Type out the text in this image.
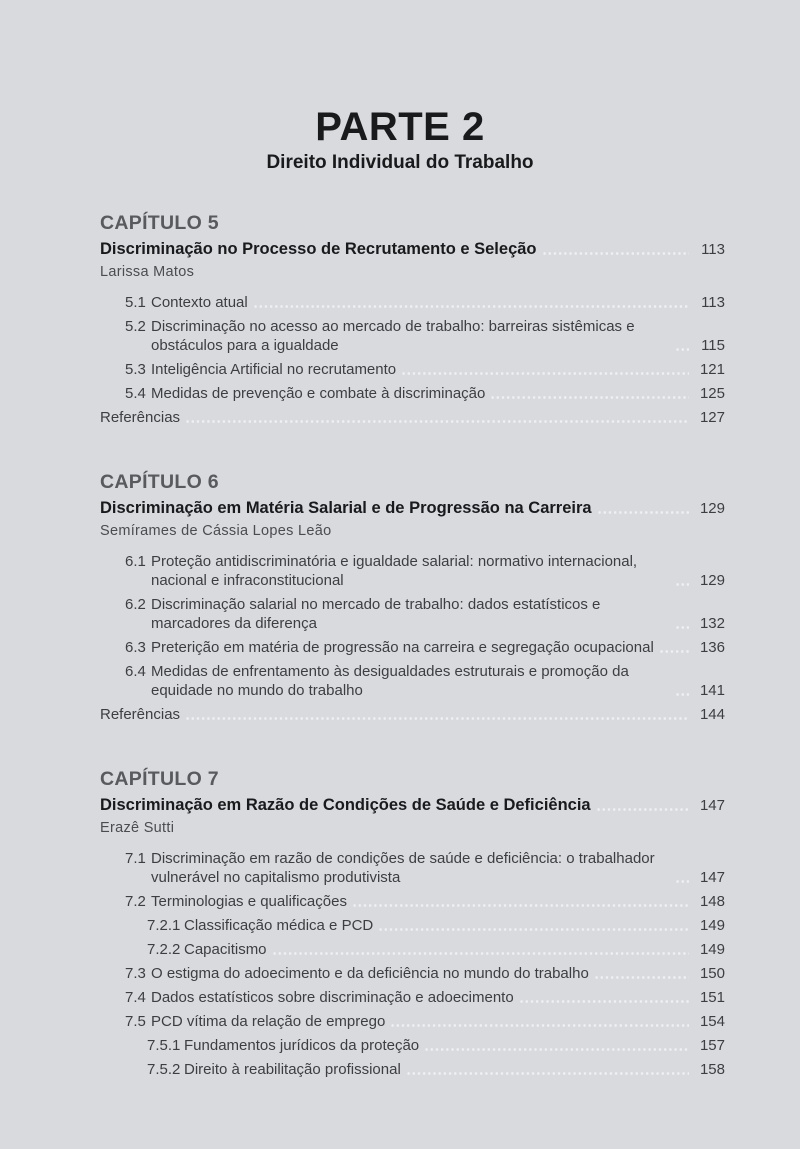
PARTE 2
Direito Individual do Trabalho
CAPÍTULO 5
Discriminação no Processo de Recrutamento e Seleção	113
Larissa Matos
5.1 Contexto atual	113
5.2 Discriminação no acesso ao mercado de trabalho: barreiras sistêmicas e obstáculos para a igualdade	115
5.3 Inteligência Artificial no recrutamento	121
5.4 Medidas de prevenção e combate à discriminação	125
Referências	127
CAPÍTULO 6
Discriminação em Matéria Salarial e de Progressão na Carreira	129
Semírames de Cássia Lopes Leão
6.1 Proteção antidiscriminatória e igualdade salarial: normativo internacional, nacional e infraconstitucional	129
6.2 Discriminação salarial no mercado de trabalho: dados estatísticos e marcadores da diferença	132
6.3 Preterição em matéria de progressão na carreira e segregação ocupacional	136
6.4 Medidas de enfrentamento às desigualdades estruturais e promoção da equidade no mundo do trabalho	141
Referências	144
CAPÍTULO 7
Discriminação em Razão de Condições de Saúde e Deficiência	147
Erazê Sutti
7.1 Discriminação em razão de condições de saúde e deficiência: o trabalhador vulnerável no capitalismo produtivista	147
7.2 Terminologias e qualificações	148
7.2.1 Classificação médica e PCD	149
7.2.2 Capacitismo	149
7.3 O estigma do adoecimento e da deficiência no mundo do trabalho	150
7.4 Dados estatísticos sobre discriminação e adoecimento	151
7.5 PCD vítima da relação de emprego	154
7.5.1 Fundamentos jurídicos da proteção	157
7.5.2 Direito à reabilitação profissional	158
